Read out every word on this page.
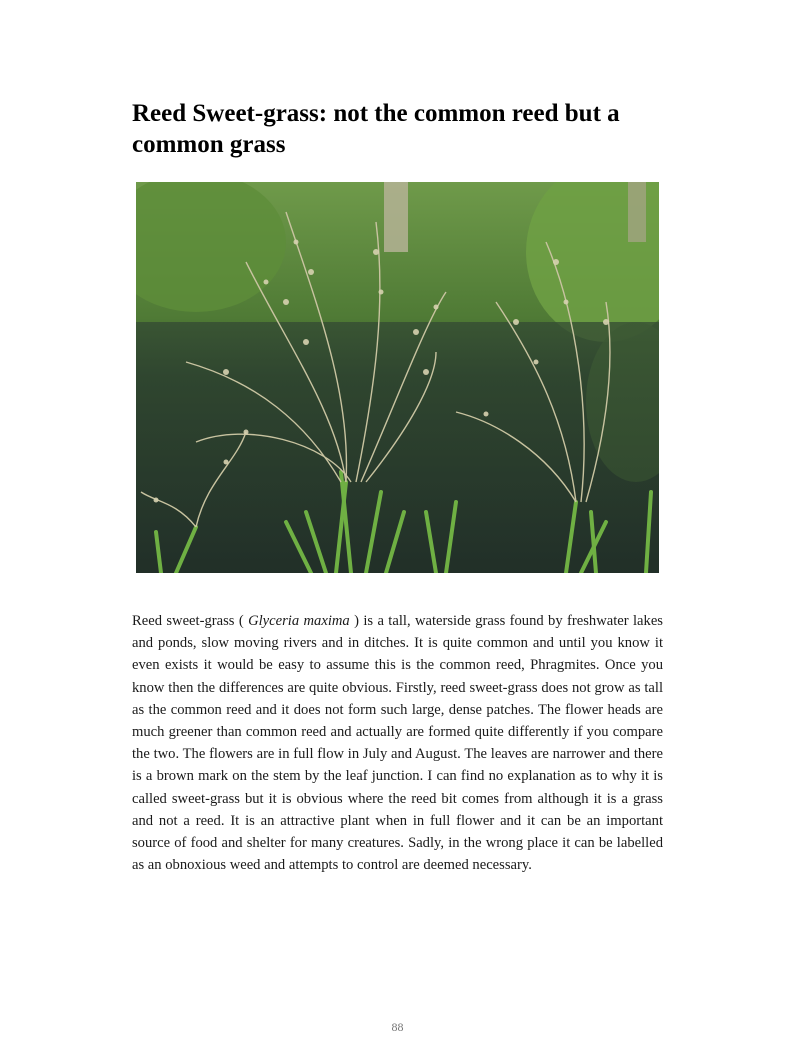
Reed Sweet-grass: not the common reed but a common grass

Reed sweet-grass ( Glyceria maxima ) is a tall, waterside grass found by freshwater lakes and ponds, slow moving rivers and in ditches. It is quite common and until you know it even exists it would be easy to assume this is the common reed, Phragmites. Once you know then the differences are quite obvious. Firstly, reed sweet-grass does not grow as tall as the common reed and it does not form such large, dense patches. The flower heads are much greener than common reed and actually are formed quite differently if you compare the two. The flowers are in full flow in July and August. The leaves are narrower and there is a brown mark on the stem by the leaf junction. I can find no explanation as to why it is called sweet-grass but it is obvious where the reed bit comes from although it is a grass and not a reed. It is an attractive plant when in full flower and it can be an important source of food and shelter for many creatures. Sadly, in the wrong place it can be labelled as an obnoxious weed and attempts to control are deemed necessary.

88
